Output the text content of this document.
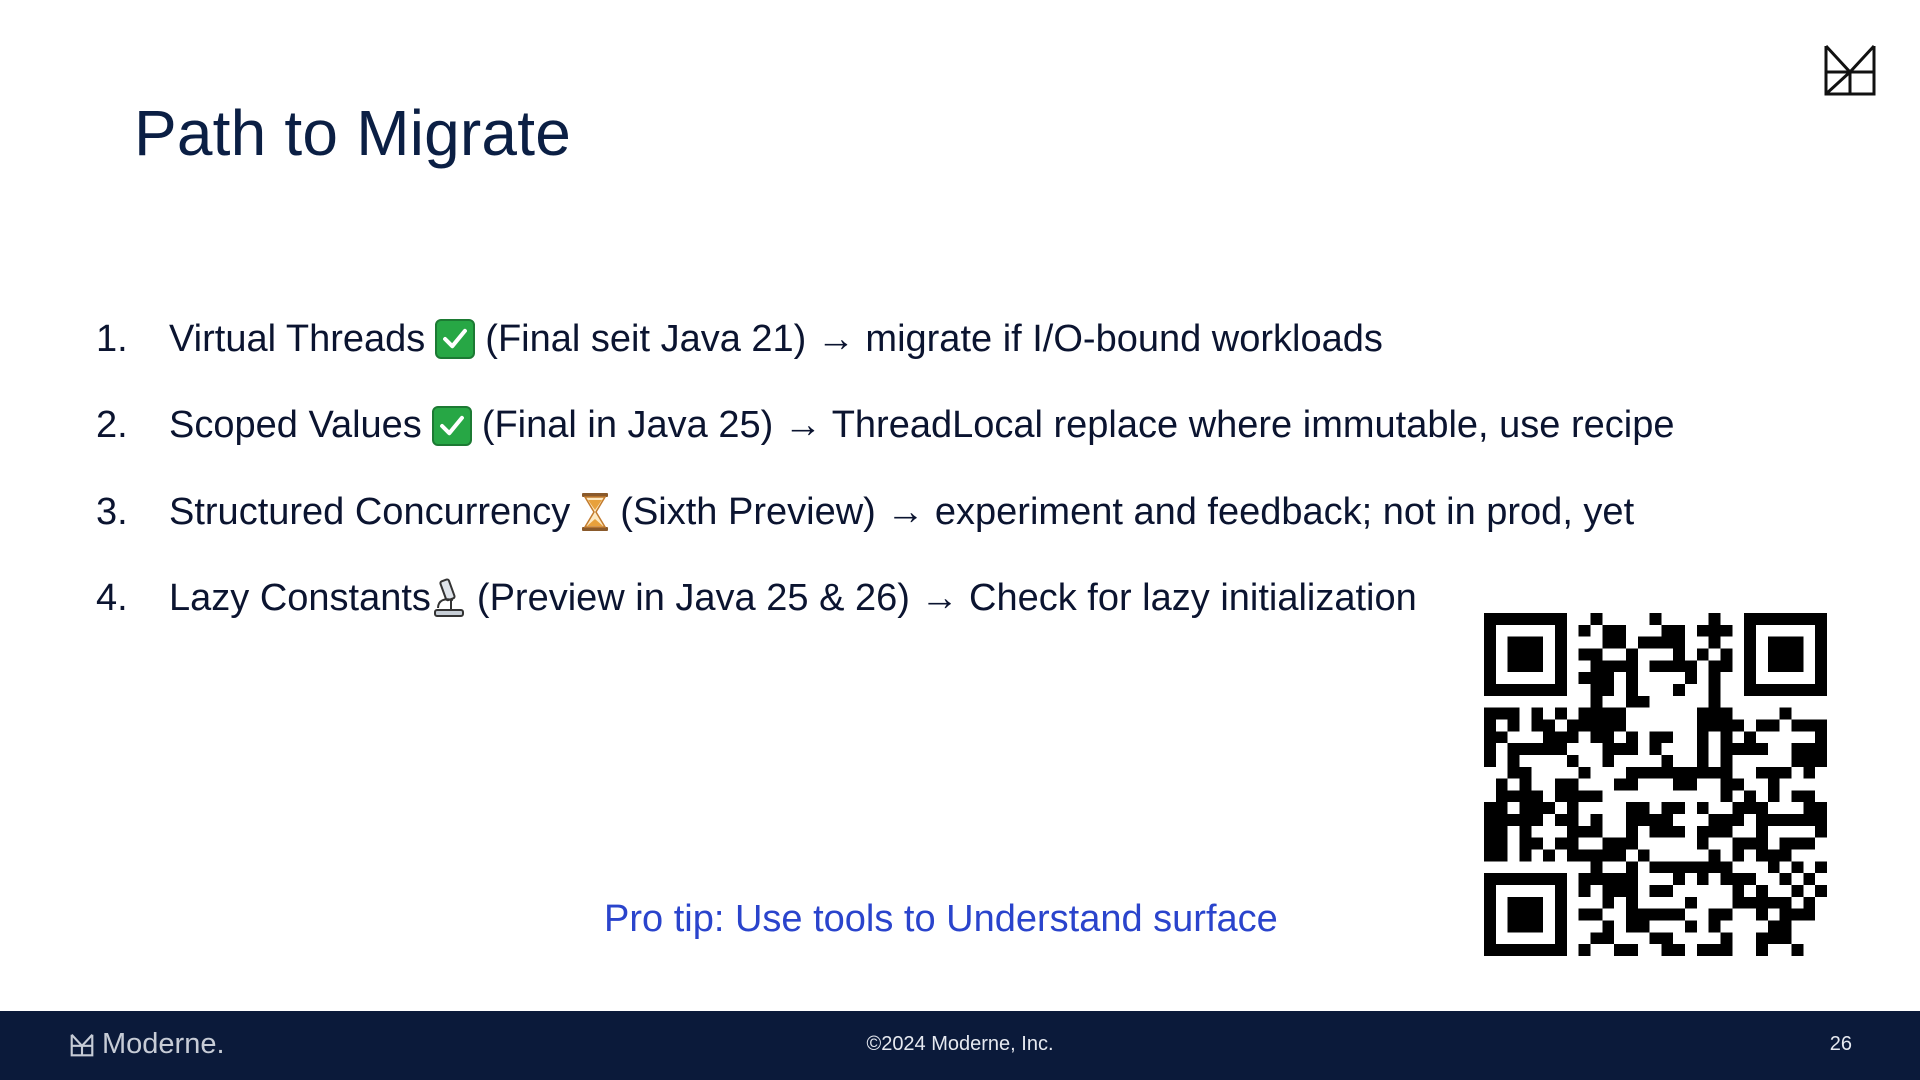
Path to Migrate
1.	Virtual Threads (Final seit Java 21) → migrate if I/O-bound workloads
2.	Scoped Values (Final in Java 25) → ThreadLocal replace where immutable, use recipe
3.	Structured Concurrency (Sixth Preview) → experiment and feedback; not in prod, yet
4.	Lazy Constants (Preview in Java 25 & 26) → Check for lazy initialization
Pro tip: Use tools to Understand surface
Moderne.	©2024 Moderne, Inc.	26
